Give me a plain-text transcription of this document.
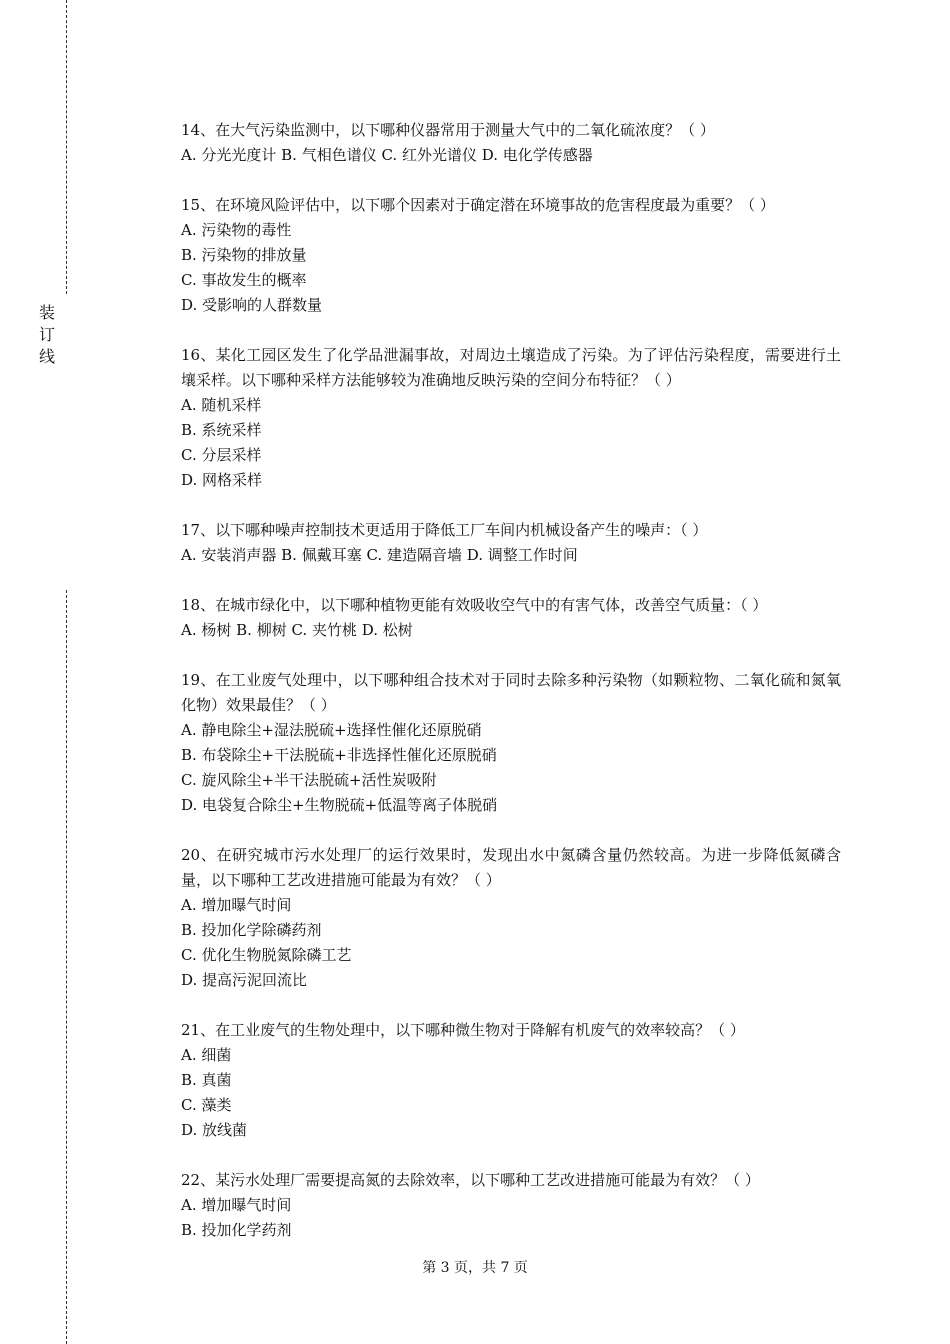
装
订
线

14、在大气污染监测中，以下哪种仪器常用于测量大气中的二氧化硫浓度？（ ）

A. 分光光度计 B. 气相色谱仪 C. 红外光谱仪 D. 电化学传感器

15、在环境风险评估中，以下哪个因素对于确定潜在环境事故的危害程度最为重要？（ ）

A. 污染物的毒性

B. 污染物的排放量

C. 事故发生的概率

D. 受影响的人群数量

16、某化工园区发生了化学品泄漏事故，对周边土壤造成了污染。为了评估污染程度，需要进行土壤采样。以下哪种采样方法能够较为准确地反映污染的空间分布特征？（ ）

A. 随机采样

B. 系统采样

C. 分层采样

D. 网格采样

17、以下哪种噪声控制技术更适用于降低工厂车间内机械设备产生的噪声：（ ）

A. 安装消声器 B. 佩戴耳塞 C. 建造隔音墙 D. 调整工作时间

18、在城市绿化中，以下哪种植物更能有效吸收空气中的有害气体，改善空气质量：（ ）

A. 杨树 B. 柳树 C. 夹竹桃 D. 松树

19、在工业废气处理中，以下哪种组合技术对于同时去除多种污染物（如颗粒物、二氧化硫和氮氧化物）效果最佳？（ ）

A. 静电除尘+湿法脱硫+选择性催化还原脱硝

B. 布袋除尘+干法脱硫+非选择性催化还原脱硝

C. 旋风除尘+半干法脱硫+活性炭吸附

D. 电袋复合除尘+生物脱硫+低温等离子体脱硝

20、在研究城市污水处理厂的运行效果时，发现出水中氮磷含量仍然较高。为进一步降低氮磷含量，以下哪种工艺改进措施可能最为有效？（ ）

A. 增加曝气时间

B. 投加化学除磷药剂

C. 优化生物脱氮除磷工艺

D. 提高污泥回流比

21、在工业废气的生物处理中，以下哪种微生物对于降解有机废气的效率较高？（ ）

A. 细菌

B. 真菌

C. 藻类

D. 放线菌

22、某污水处理厂需要提高氮的去除效率，以下哪种工艺改进措施可能最为有效？（ ）

A. 增加曝气时间

B. 投加化学药剂

第 3 页，共 7 页
